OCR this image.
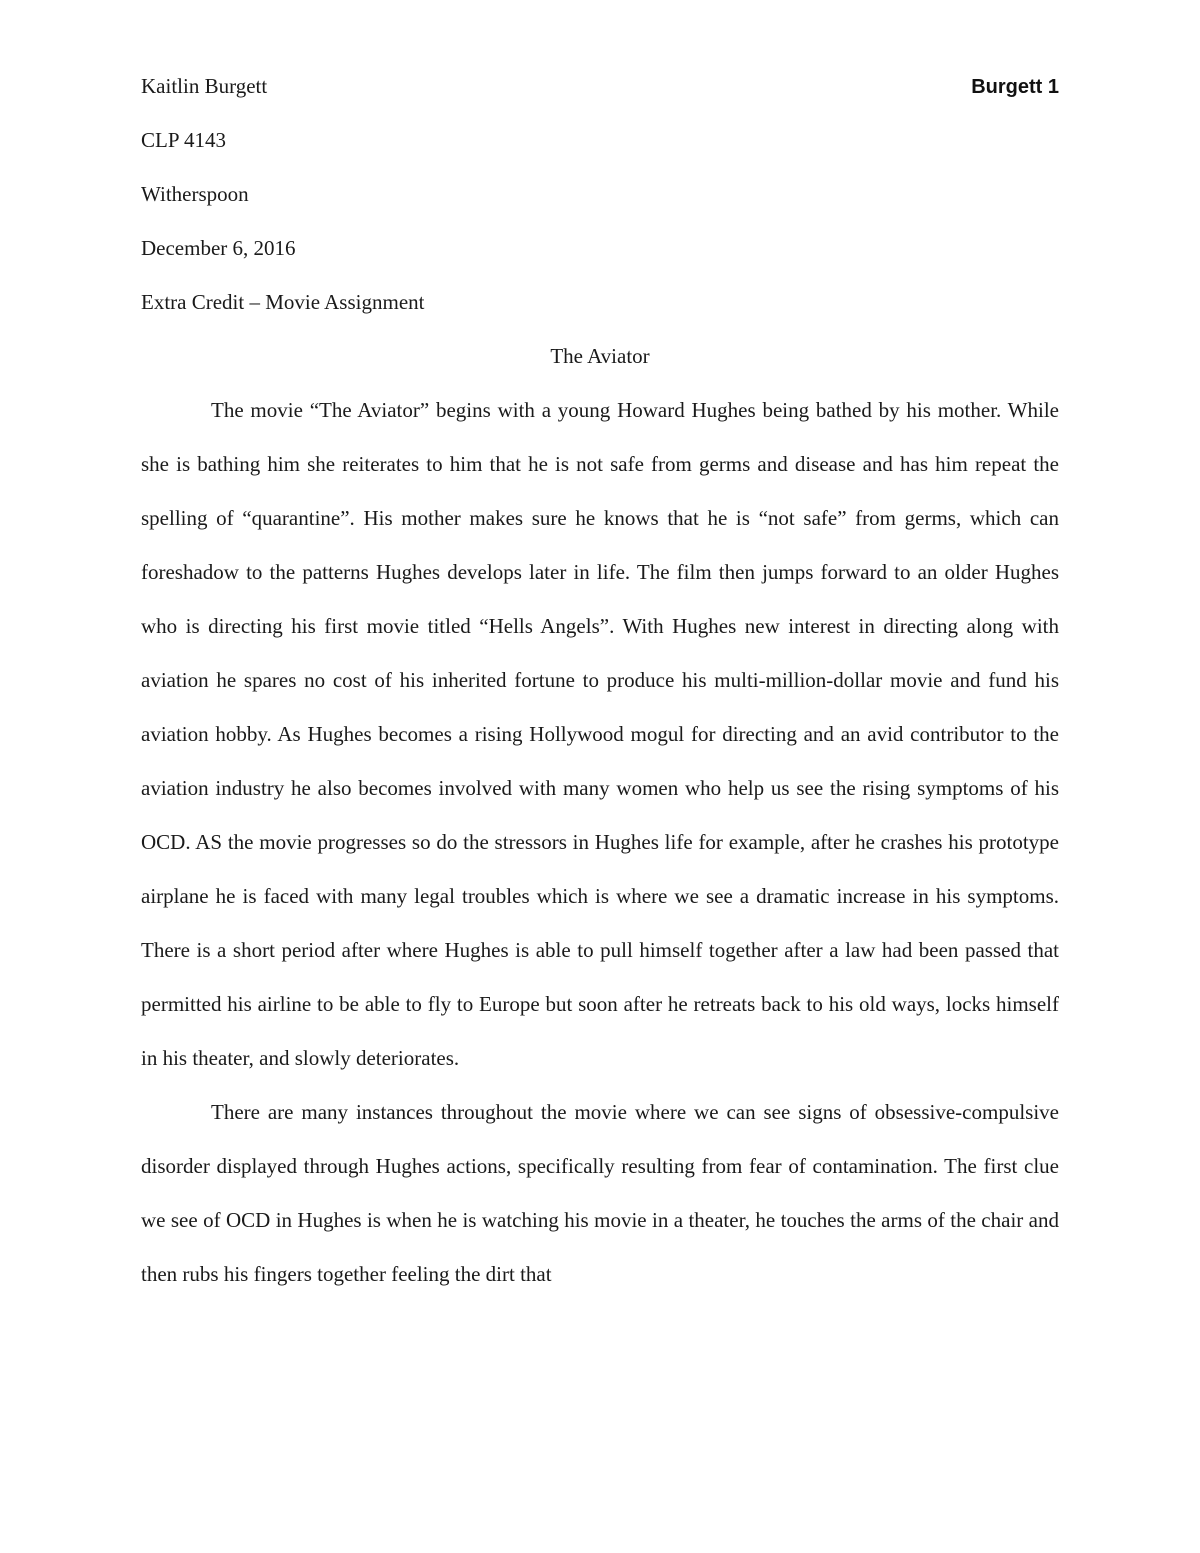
Burgett 1

Kaitlin Burgett

CLP 4143

Witherspoon

December 6, 2016

Extra Credit – Movie Assignment

The Aviator

The movie “The Aviator” begins with a young Howard Hughes being bathed by his mother. While she is bathing him she reiterates to him that he is not safe from germs and disease and has him repeat the spelling of “quarantine”. His mother makes sure he knows that he is “not safe” from germs, which can foreshadow to the patterns Hughes develops later in life. The film then jumps forward to an older Hughes who is directing his first movie titled “Hells Angels”. With Hughes new interest in directing along with aviation he spares no cost of his inherited fortune to produce his multi-million-dollar movie and fund his aviation hobby. As Hughes becomes a rising Hollywood mogul for directing and an avid contributor to the aviation industry he also becomes involved with many women who help us see the rising symptoms of his OCD. AS the movie progresses so do the stressors in Hughes life for example, after he crashes his prototype airplane he is faced with many legal troubles which is where we see a dramatic increase in his symptoms. There is a short period after where Hughes is able to pull himself together after a law had been passed that permitted his airline to be able to fly to Europe but soon after he retreats back to his old ways, locks himself in his theater, and slowly deteriorates.

There are many instances throughout the movie where we can see signs of obsessive-compulsive disorder displayed through Hughes actions, specifically resulting from fear of contamination. The first clue we see of OCD in Hughes is when he is watching his movie in a theater, he touches the arms of the chair and then rubs his fingers together feeling the dirt that
